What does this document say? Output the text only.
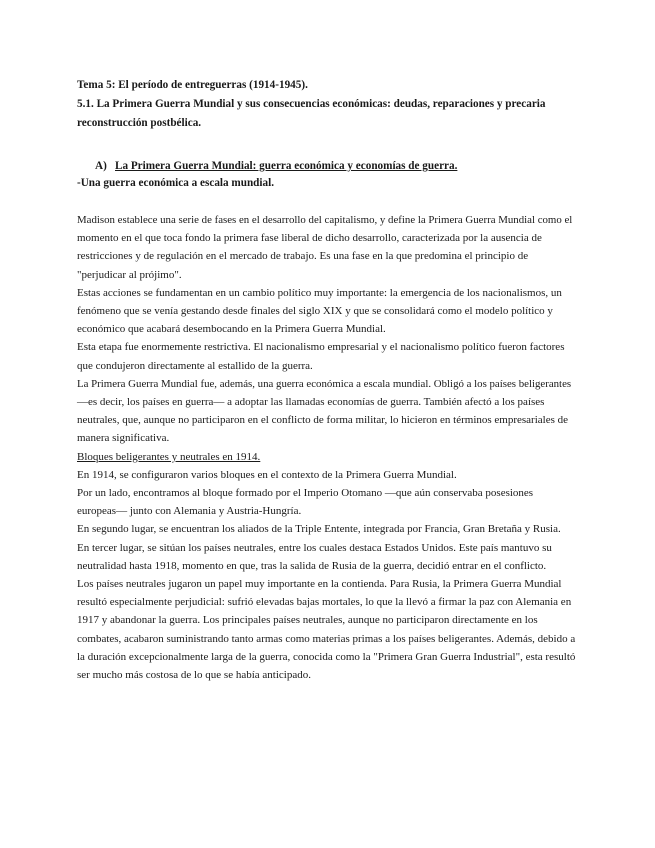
Tema 5: El período de entreguerras (1914-1945).

5.1. La Primera Guerra Mundial y sus consecuencias económicas: deudas, reparaciones y precaria

reconstrucción postbélica.

A) La Primera Guerra Mundial: guerra económica y economías de guerra.

-Una guerra económica a escala mundial.

Madison establece una serie de fases en el desarrollo del capitalismo, y define la Primera Guerra Mundial como el
momento en el que toca fondo la primera fase liberal de dicho desarrollo, caracterizada por la ausencia de
restricciones y de regulación en el mercado de trabajo. Es una fase en la que predomina el principio de
"perjudicar al prójimo".
Estas acciones se fundamentan en un cambio político muy importante: la emergencia de los nacionalismos, un
fenómeno que se venía gestando desde finales del siglo XIX y que se consolidará como el modelo político y
económico que acabará desembocando en la Primera Guerra Mundial.
Esta etapa fue enormemente restrictiva. El nacionalismo empresarial y el nacionalismo político fueron factores
que condujeron directamente al estallido de la guerra.
La Primera Guerra Mundial fue, además, una guerra económica a escala mundial. Obligó a los países beligerantes
—es decir, los países en guerra— a adoptar las llamadas economías de guerra. También afectó a los países
neutrales, que, aunque no participaron en el conflicto de forma militar, lo hicieron en términos empresariales de
manera significativa.

Bloques beligerantes y neutrales en 1914.

En 1914, se configuraron varios bloques en el contexto de la Primera Guerra Mundial.
Por un lado, encontramos al bloque formado por el Imperio Otomano —que aún conservaba posesiones
europeas— junto con Alemania y Austria-Hungría.
En segundo lugar, se encuentran los aliados de la Triple Entente, integrada por Francia, Gran Bretaña y Rusia.
En tercer lugar, se sitúan los países neutrales, entre los cuales destaca Estados Unidos. Este país mantuvo su
neutralidad hasta 1918, momento en que, tras la salida de Rusia de la guerra, decidió entrar en el conflicto.
Los países neutrales jugaron un papel muy importante en la contienda. Para Rusia, la Primera Guerra Mundial
resultó especialmente perjudicial: sufrió elevadas bajas mortales, lo que la llevó a firmar la paz con Alemania en
1917 y abandonar la guerra. Los principales países neutrales, aunque no participaron directamente en los
combates, acabaron suministrando tanto armas como materias primas a los países beligerantes. Además, debido a
la duración excepcionalmente larga de la guerra, conocida como la "Primera Gran Guerra Industrial", esta resultó
ser mucho más costosa de lo que se había anticipado.
